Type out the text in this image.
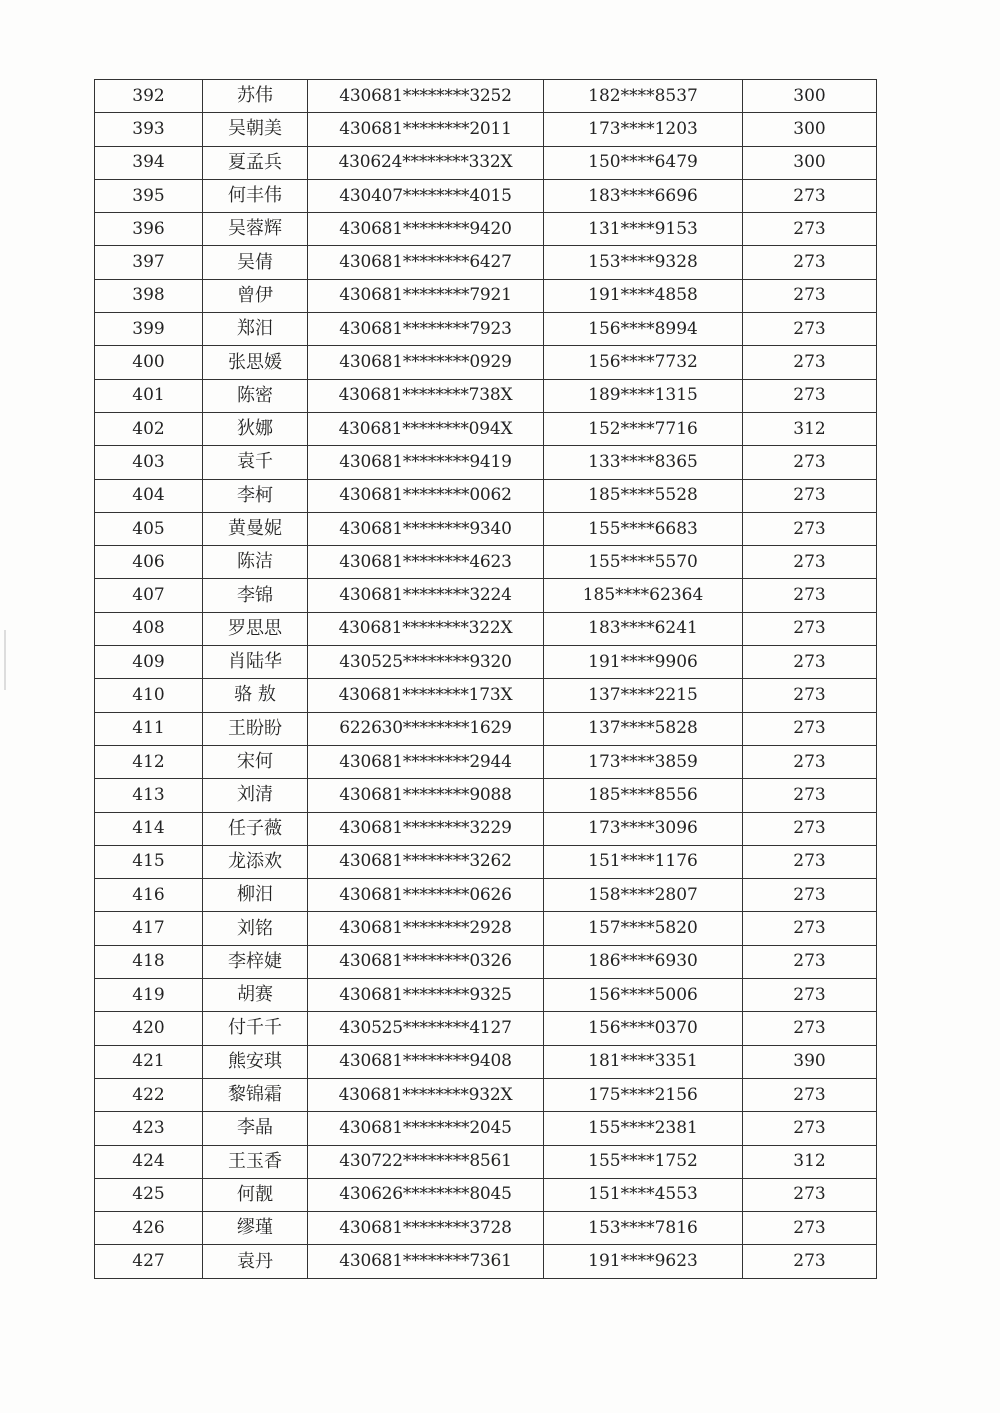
392	苏伟	430681********3252	182****8537	300
393	吴朝美	430681********2011	173****1203	300
394	夏孟兵	430624********332X	150****6479	300
395	何丰伟	430407********4015	183****6696	273
396	吴蓉辉	430681********9420	131****9153	273
397	吴倩	430681********6427	153****9328	273
398	曾伊	430681********7921	191****4858	273
399	郑汨	430681********7923	156****8994	273
400	张思媛	430681********0929	156****7732	273
401	陈密	430681********738X	189****1315	273
402	狄娜	430681********094X	152****7716	312
403	袁千	430681********9419	133****8365	273
404	李柯	430681********0062	185****5528	273
405	黄曼妮	430681********9340	155****6683	273
406	陈洁	430681********4623	155****5570	273
407	李锦	430681********3224	185****62364	273
408	罗思思	430681********322X	183****6241	273
409	肖陆华	430525********9320	191****9906	273
410	骆 敖	430681********173X	137****2215	273
411	王盼盼	622630********1629	137****5828	273
412	宋何	430681********2944	173****3859	273
413	刘清	430681********9088	185****8556	273
414	任子薇	430681********3229	173****3096	273
415	龙添欢	430681********3262	151****1176	273
416	柳汨	430681********0626	158****2807	273
417	刘铭	430681********2928	157****5820	273
418	李梓婕	430681********0326	186****6930	273
419	胡赛	430681********9325	156****5006	273
420	付千千	430525********4127	156****0370	273
421	熊安琪	430681********9408	181****3351	390
422	黎锦霜	430681********932X	175****2156	273
423	李晶	430681********2045	155****2381	273
424	王玉香	430722********8561	155****1752	312
425	何靓	430626********8045	151****4553	273
426	缪瑾	430681********3728	153****7816	273
427	袁丹	430681********7361	191****9623	273
